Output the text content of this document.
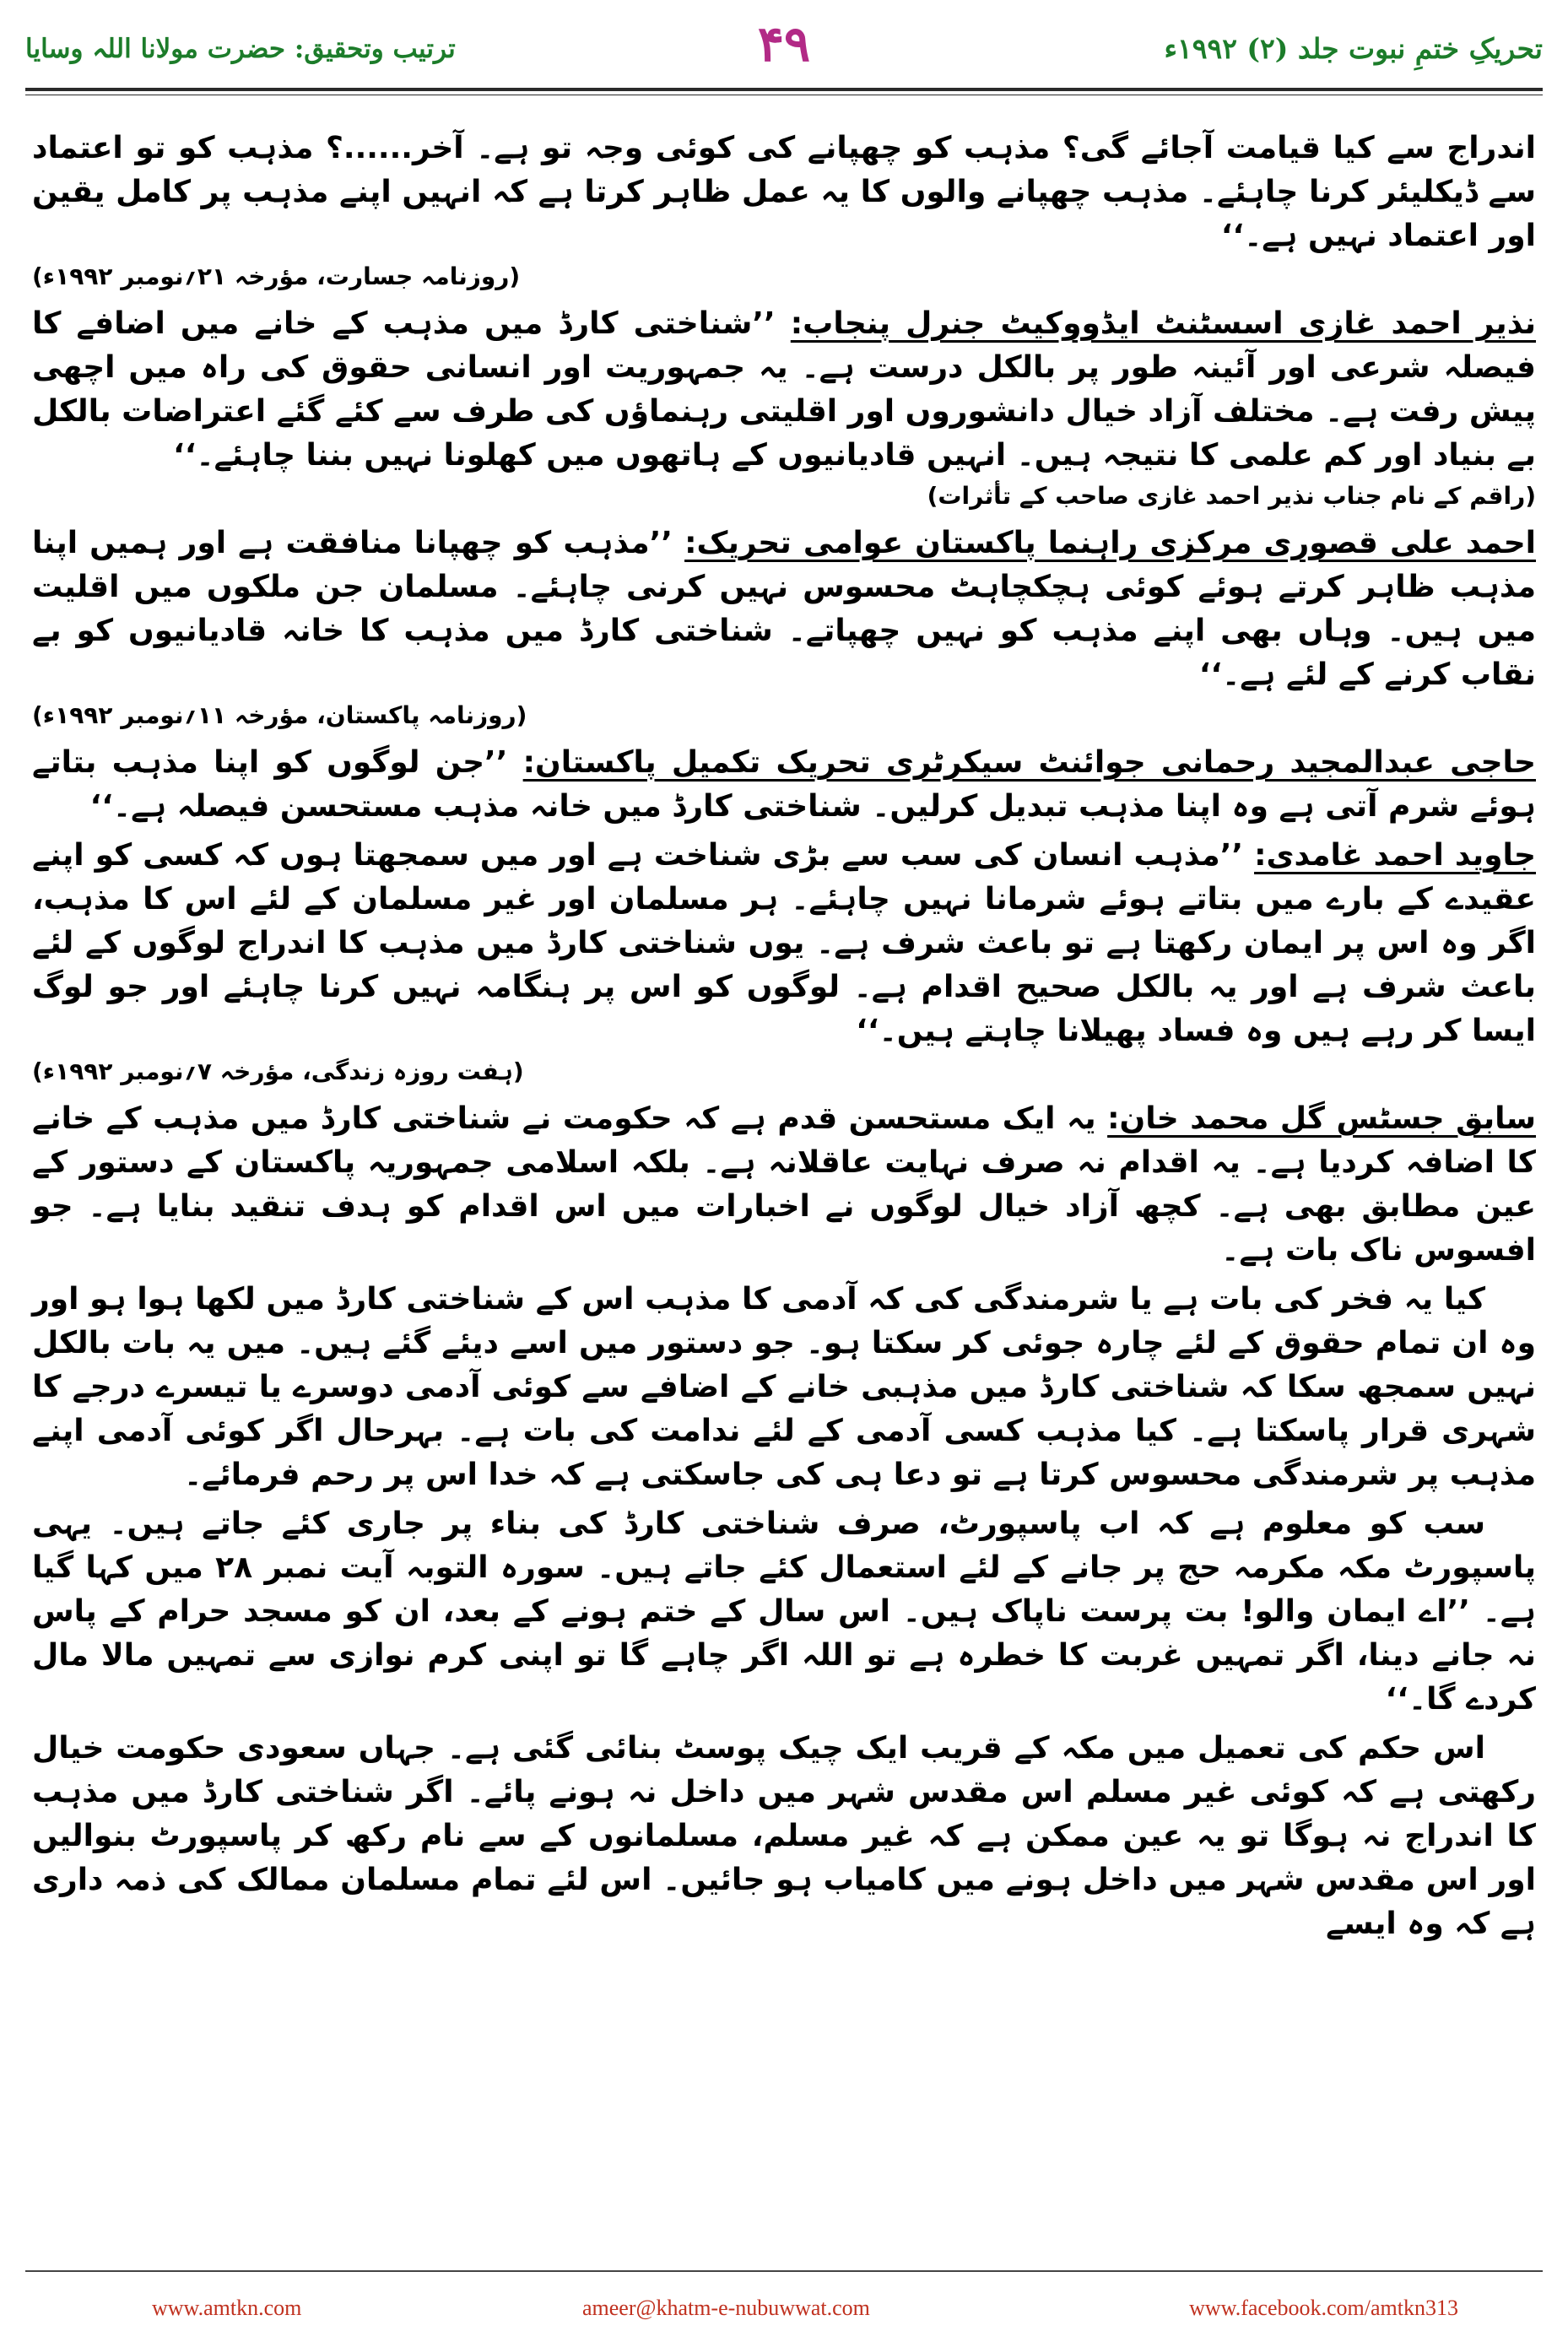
تحریکِ ختمِ نبوت جلد (۲) ۱۹۹۲ء
۴۹
ترتیب وتحقیق: حضرت مولانا اللہ وسایا

اندراج سے کیا قیامت آجائے گی؟ مذہب کو چھپانے کی کوئی وجہ تو ہے۔ آخر......؟ مذہب کو تو اعتماد سے ڈیکلیئر کرنا چاہئے۔ مذہب چھپانے والوں کا یہ عمل ظاہر کرتا ہے کہ انہیں اپنے مذہب پر کامل یقین اور اعتماد نہیں ہے۔‘‘

(روزنامہ جسارت، مؤرخہ ۲۱؍نومبر ۱۹۹۲ء)

نذیر احمد غازی اسسٹنٹ ایڈووکیٹ جنرل پنجاب: ’’شناختی کارڈ میں مذہب کے خانے میں اضافے کا فیصلہ شرعی اور آئینہ طور پر بالکل درست ہے۔ یہ جمہوریت اور انسانی حقوق کی راہ میں اچھی پیش رفت ہے۔ مختلف آزاد خیال دانشوروں اور اقلیتی رہنماؤں کی طرف سے کئے گئے اعتراضات بالکل بے بنیاد اور کم علمی کا نتیجہ ہیں۔ انہیں قادیانیوں کے ہاتھوں میں کھلونا نہیں بننا چاہئے۔‘‘

(راقم کے نام جناب نذیر احمد غازی صاحب کے تأثرات)

احمد علی قصوری مرکزی راہنما پاکستان عوامی تحریک: ’’مذہب کو چھپانا منافقت ہے اور ہمیں اپنا مذہب ظاہر کرتے ہوئے کوئی ہچکچاہٹ محسوس نہیں کرنی چاہئے۔ مسلمان جن ملکوں میں اقلیت میں ہیں۔ وہاں بھی اپنے مذہب کو نہیں چھپاتے۔ شناختی کارڈ میں مذہب کا خانہ قادیانیوں کو بے نقاب کرنے کے لئے ہے۔‘‘

(روزنامہ پاکستان، مؤرخہ ۱۱؍نومبر ۱۹۹۲ء)

حاجی عبدالمجید رحمانی جوائنٹ سیکرٹری تحریک تکمیل پاکستان: ’’جن لوگوں کو اپنا مذہب بتاتے ہوئے شرم آتی ہے وہ اپنا مذہب تبدیل کرلیں۔ شناختی کارڈ میں خانہ مذہب مستحسن فیصلہ ہے۔‘‘

جاوید احمد غامدی: ’’مذہب انسان کی سب سے بڑی شناخت ہے اور میں سمجھتا ہوں کہ کسی کو اپنے عقیدے کے بارے میں بتاتے ہوئے شرمانا نہیں چاہئے۔ ہر مسلمان اور غیر مسلمان کے لئے اس کا مذہب، اگر وہ اس پر ایمان رکھتا ہے تو باعث شرف ہے۔ یوں شناختی کارڈ میں مذہب کا اندراج لوگوں کے لئے باعث شرف ہے اور یہ بالکل صحیح اقدام ہے۔ لوگوں کو اس پر ہنگامہ نہیں کرنا چاہئے اور جو لوگ ایسا کر رہے ہیں وہ فساد پھیلانا چاہتے ہیں۔‘‘

(ہفت روزہ زندگی، مؤرخہ ۷؍نومبر ۱۹۹۲ء)

سابق جسٹس گل محمد خان: یہ ایک مستحسن قدم ہے کہ حکومت نے شناختی کارڈ میں مذہب کے خانے کا اضافہ کردیا ہے۔ یہ اقدام نہ صرف نہایت عاقلانہ ہے۔ بلکہ اسلامی جمہوریہ پاکستان کے دستور کے عین مطابق بھی ہے۔ کچھ آزاد خیال لوگوں نے اخبارات میں اس اقدام کو ہدف تنقید بنایا ہے۔ جو افسوس ناک بات ہے۔

کیا یہ فخر کی بات ہے یا شرمندگی کی کہ آدمی کا مذہب اس کے شناختی کارڈ میں لکھا ہوا ہو اور وہ ان تمام حقوق کے لئے چارہ جوئی کر سکتا ہو۔ جو دستور میں اسے دیئے گئے ہیں۔ میں یہ بات بالکل نہیں سمجھ سکا کہ شناختی کارڈ میں مذہبی خانے کے اضافے سے کوئی آدمی دوسرے یا تیسرے درجے کا شہری قرار پاسکتا ہے۔ کیا مذہب کسی آدمی کے لئے ندامت کی بات ہے۔ بہرحال اگر کوئی آدمی اپنے مذہب پر شرمندگی محسوس کرتا ہے تو دعا ہی کی جاسکتی ہے کہ خدا اس پر رحم فرمائے۔

سب کو معلوم ہے کہ اب پاسپورٹ، صرف شناختی کارڈ کی بناء پر جاری کئے جاتے ہیں۔ یہی پاسپورٹ مکہ مکرمہ حج پر جانے کے لئے استعمال کئے جاتے ہیں۔ سورہ التوبہ آیت نمبر ۲۸ میں کہا گیا ہے۔ ’’اے ایمان والو! بت پرست ناپاک ہیں۔ اس سال کے ختم ہونے کے بعد، ان کو مسجد حرام کے پاس نہ جانے دینا، اگر تمہیں غربت کا خطرہ ہے تو اللہ اگر چاہے گا تو اپنی کرم نوازی سے تمہیں مالا مال کردے گا۔‘‘

اس حکم کی تعمیل میں مکہ کے قریب ایک چیک پوسٹ بنائی گئی ہے۔ جہاں سعودی حکومت خیال رکھتی ہے کہ کوئی غیر مسلم اس مقدس شہر میں داخل نہ ہونے پائے۔ اگر شناختی کارڈ میں مذہب کا اندراج نہ ہوگا تو یہ عین ممکن ہے کہ غیر مسلم، مسلمانوں کے سے نام رکھ کر پاسپورٹ بنوالیں اور اس مقدس شہر میں داخل ہونے میں کامیاب ہو جائیں۔ اس لئے تمام مسلمان ممالک کی ذمہ داری ہے کہ وہ ایسے

www.amtkn.com	ameer@khatm-e-nubuwwat.com	www.facebook.com/amtkn313
